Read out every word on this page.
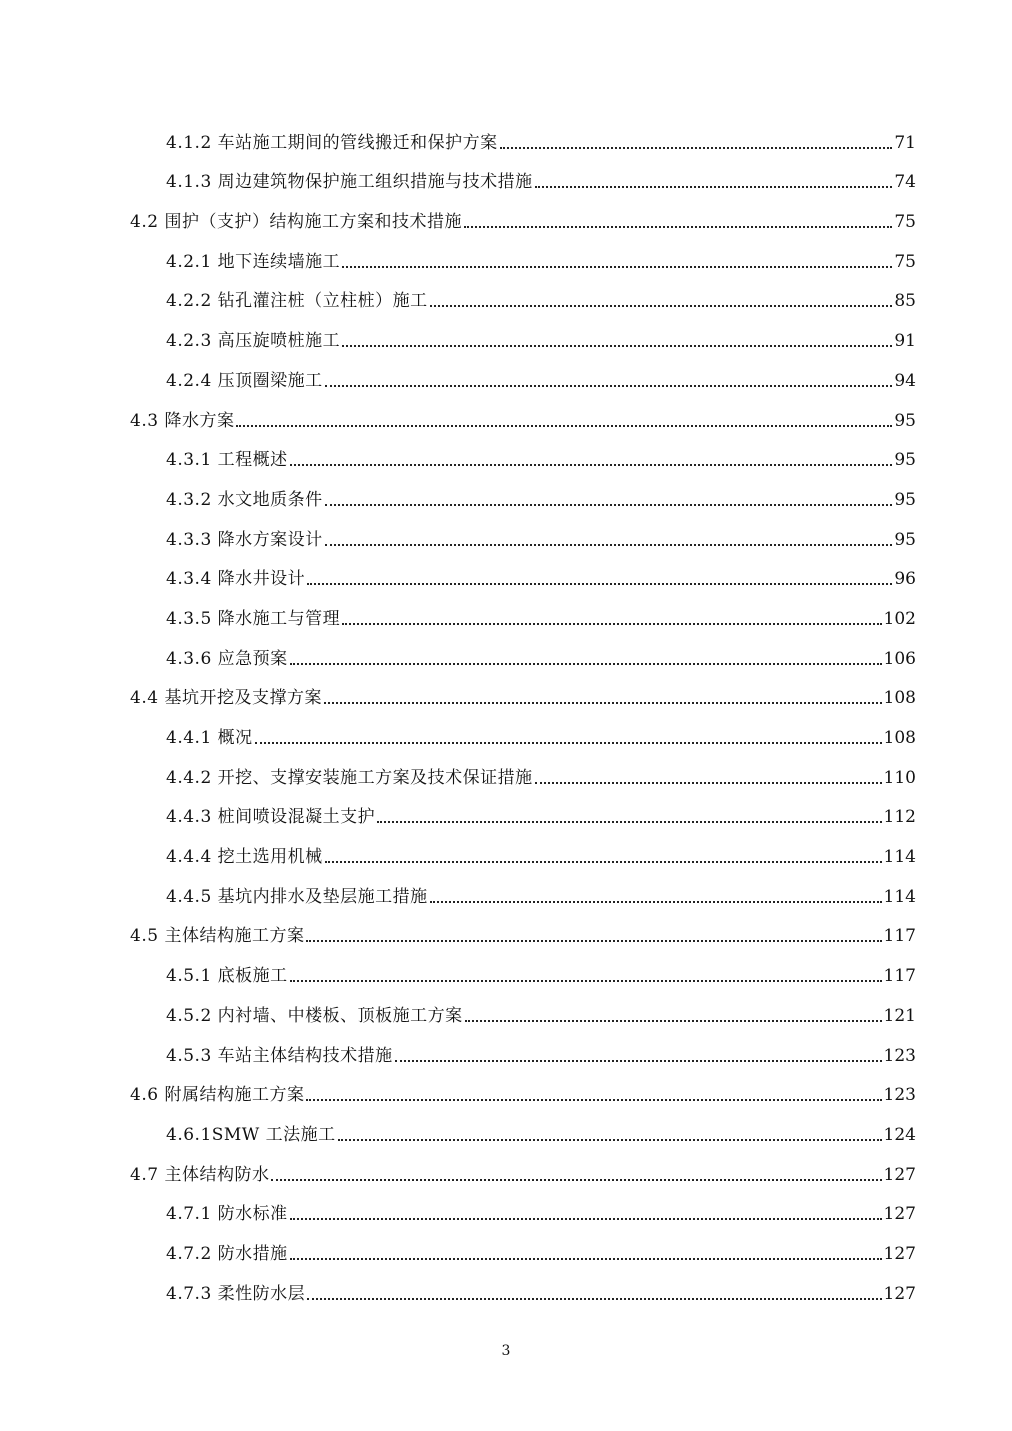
4.1.2 车站施工期间的管线搬迁和保护方案	71
4.1.3 周边建筑物保护施工组织措施与技术措施	74
4.2 围护（支护）结构施工方案和技术措施	75
4.2.1 地下连续墙施工	75
4.2.2 钻孔灌注桩（立柱桩）施工	85
4.2.3 高压旋喷桩施工	91
4.2.4 压顶圈梁施工	94
4.3 降水方案	95
4.3.1 工程概述	95
4.3.2 水文地质条件	95
4.3.3 降水方案设计	95
4.3.4 降水井设计	96
4.3.5 降水施工与管理	102
4.3.6 应急预案	106
4.4 基坑开挖及支撑方案	108
4.4.1 概况	108
4.4.2 开挖、支撑安装施工方案及技术保证措施	110
4.4.3 桩间喷设混凝土支护	112
4.4.4 挖土选用机械	114
4.4.5 基坑内排水及垫层施工措施	114
4.5 主体结构施工方案	117
4.5.1 底板施工	117
4.5.2 内衬墙、中楼板、顶板施工方案	121
4.5.3 车站主体结构技术措施	123
4.6 附属结构施工方案	123
4.6.1SMW 工法施工	124
4.7 主体结构防水	127
4.7.1 防水标准	127
4.7.2 防水措施	127
4.7.3 柔性防水层	127
3
